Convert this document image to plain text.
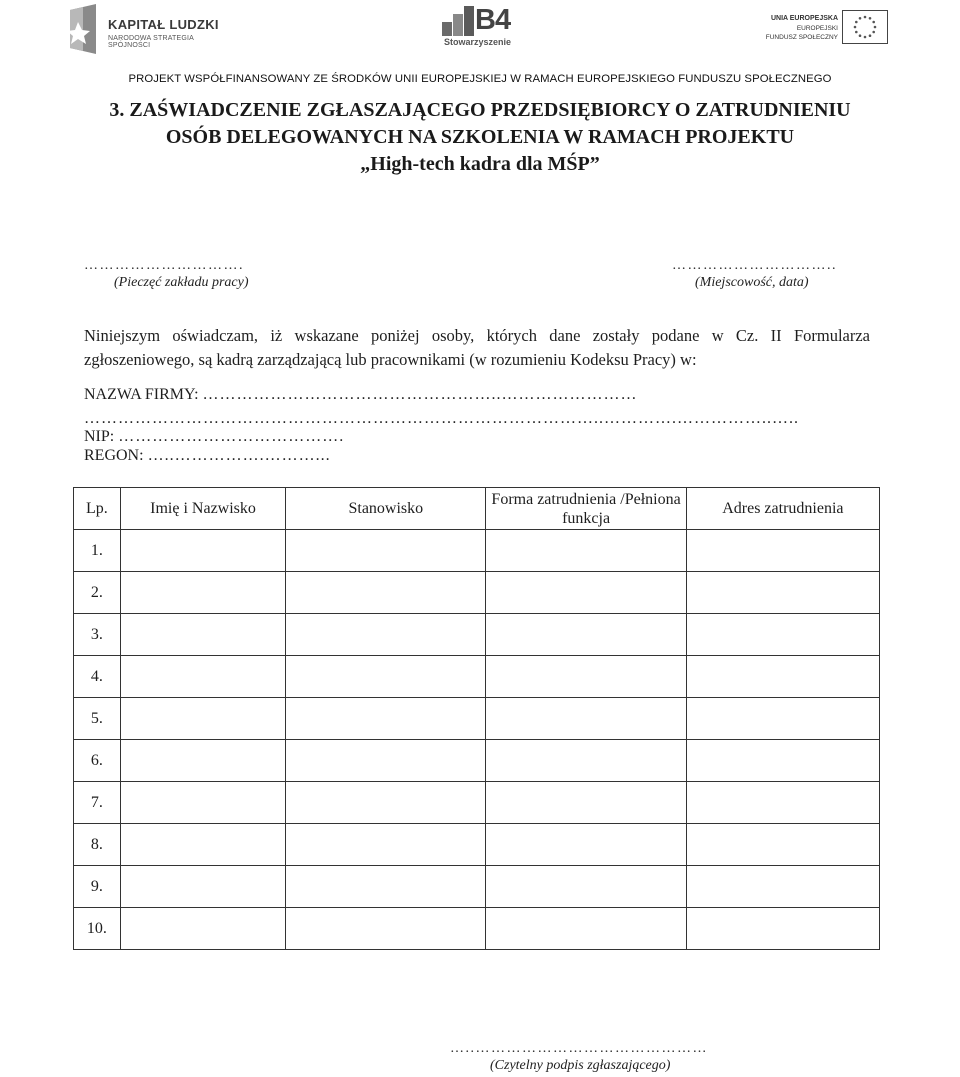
KAPITAŁ LUDZKI
NARODOWA STRATEGIA SPÓJNOŚCI
B4
Stowarzyszenie
UNIA EUROPEJSKA
EUROPEJSKI
FUNDUSZ SPOŁECZNY
PROJEKT WSPÓŁFINANSOWANY ZE ŚRODKÓW UNII EUROPEJSKIEJ W RAMACH EUROPEJSKIEGO FUNDUSZU SPOŁECZNEGO
3. ZAŚWIADCZENIE ZGŁASZAJĄCEGO PRZEDSIĘBIORCY O ZATRUDNIENIU
OSÓB DELEGOWANYCH NA SZKOLENIA W RAMACH PROJEKTU
„High-tech kadra dla MŚP”
………………………….
(Pieczęć zakładu pracy)
…………………………..
(Miejscowość, data)
Niniejszym oświadczam, iż wskazane poniżej osoby, których dane zostały podane w Cz. II Formularza zgłoszeniowego, są kadrą zarządzającą lub pracownikami (w rozumieniu Kodeksu Pracy) w:
NAZWA FIRMY: ……………………………………………..……………………
………………………………………………………………………………..………….……………..…..
NIP: ………………………………….
REGON: …..…………….………...
Lp.	Imię i Nazwisko	Stanowisko	Forma zatrudnienia /Pełniona funkcja	Adres zatrudnienia
1.				
2.				
3.				
4.				
5.				
6.				
7.				
8.				
9.				
10.				
…..………………………………………
(Czytelny podpis zgłaszającego)
